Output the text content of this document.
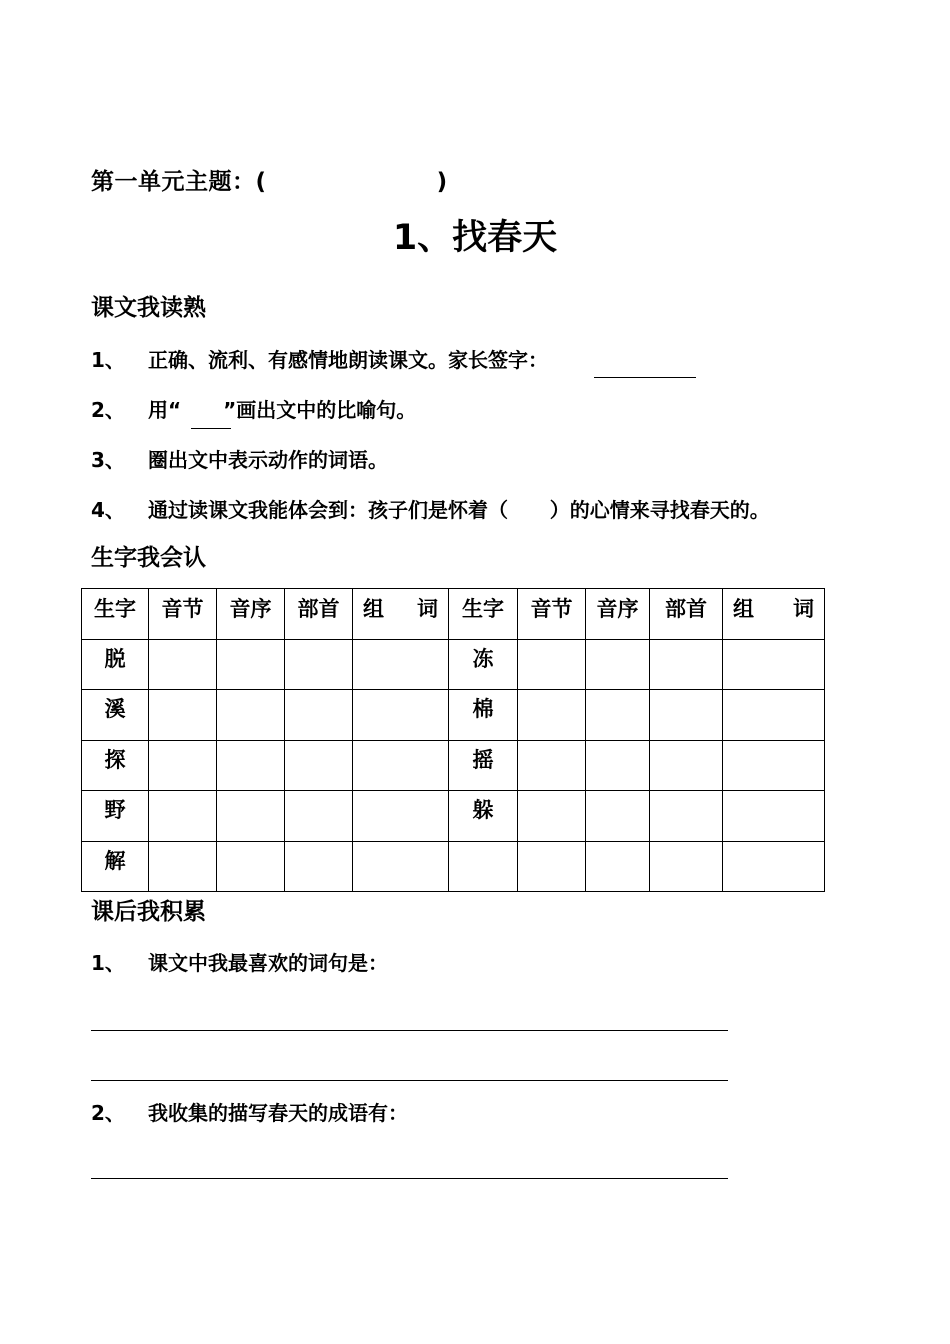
第一单元主题：(                    )
1、找春天
课文我读熟
1、 正确、流利、有感情地朗读课文。家长签字：
2、 用“ ”画出文中的比喻句。
3、 圈出文中表示动作的词语。
4、 通过读课文我能体会到：孩子们是怀着（      ）的心情来寻找春天的。
生字我会认
生字	音节	音序	部首	组 词	生字	音节	音序	部首	组 词

脱					冻				
溪					棉				
探					摇				
野					躲				
解									
课后我积累
1、 课文中我最喜欢的词句是：
2、 我收集的描写春天的成语有：
